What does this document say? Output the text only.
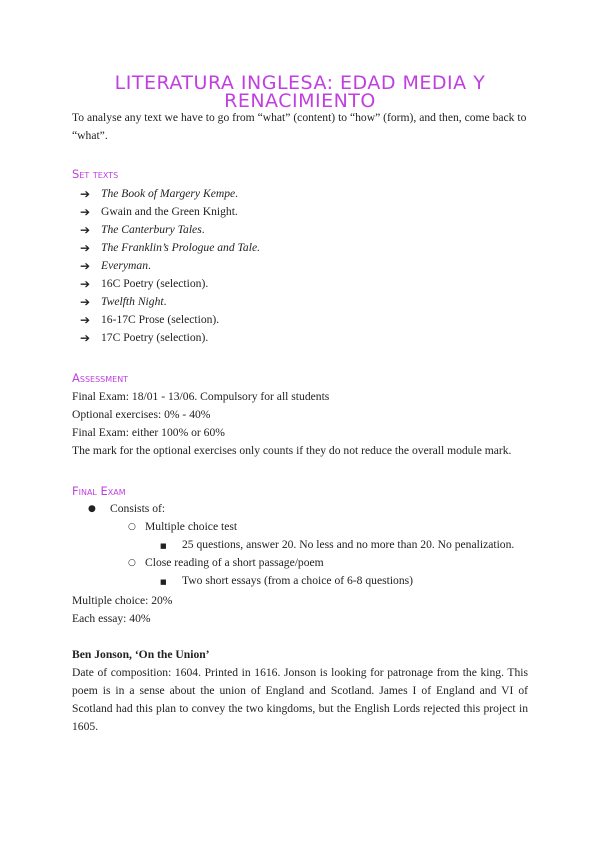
LITERATURA INGLESA: EDAD MEDIA Y RENACIMIENTO

To analyse any text we have to go from “what” (content) to “how” (form), and then, come back to “what”.

Set texts
➔ The Book of Margery Kempe .
➔ Gwain and the Green Knight.
➔ The Canterbury Tales .
➔ The Franklin’s Prologue and Tale.
➔ Everyman .
➔ 16C Poetry (selection).
➔ Twelfth Night .
➔ 16-17C Prose (selection).
➔ 17C Poetry (selection).
Assessment

Final Exam: 18/01 - 13/06. Compulsory for all students

Optional exercises: 0% - 40%

Final Exam: either 100% or 60%

The mark for the optional exercises only counts if they do not reduce the overall module mark.

Final Exam
● Consists of:
○ Multiple choice test
■ 25 questions, answer 20. No less and no more than 20. No penalization.
○ Close reading of a short passage/poem
■ Two short essays (from a choice of 6-8 questions)

Multiple choice: 20%

Each essay: 40%

Ben Jonson, ‘On the Union’

Date of composition: 1604. Printed in 1616. Jonson is looking for patronage from the king. This poem is in a sense about the union of England and Scotland. James I of England and VI of Scotland had this plan to convey the two kingdoms, but the English Lords rejected this project in 1605.
